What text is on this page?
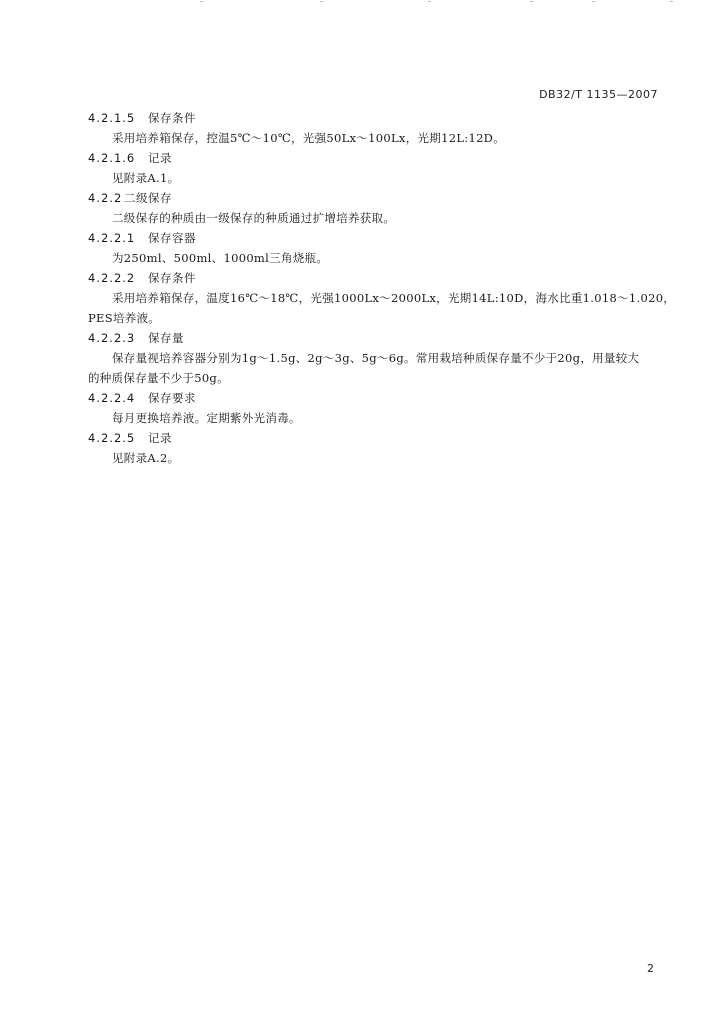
DB32/T 1135—2007
4.2.1.5 保存条件
采用培养箱保存，控温5℃～10℃，光强50Lx～100Lx，光期12L:12D。
4.2.1.6 记录
见附录A.1。
4.2.2 二级保存
二级保存的种质由一级保存的种质通过扩增培养获取。
4.2.2.1 保存容器
为250ml、500ml、1000ml三角烧瓶。
4.2.2.2 保存条件
采用培养箱保存，温度16℃～18℃，光强1000Lx～2000Lx，光期14L:10D，海水比重1.018～1.020，
PES培养液。
4.2.2.3 保存量
保存量视培养容器分别为1g～1.5g、2g～3g、5g～6g。常用栽培种质保存量不少于20g，用量较大
的种质保存量不少于50g。
4.2.2.4 保存要求
每月更换培养液。定期紫外光消毒。
4.2.2.5 记录
见附录A.2。
2
